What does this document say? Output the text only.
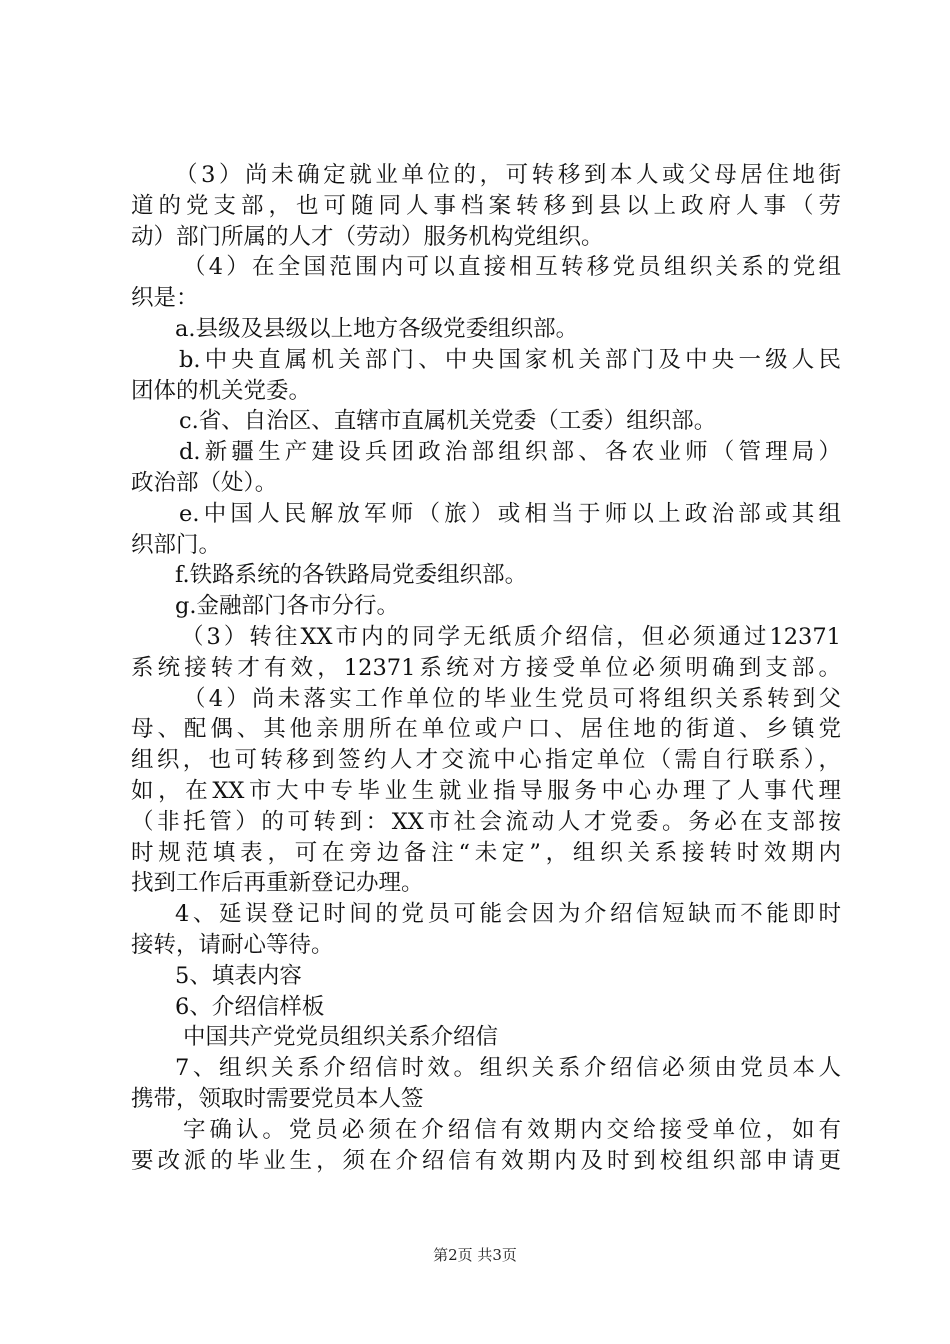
（3）尚未确定就业单位的，可转移到本人或父母居住地街
道的党支部，也可随同人事档案转移到县以上政府人事（劳
动）部门所属的人才（劳动）服务机构党组织。
（4）在全国范围内可以直接相互转移党员组织关系的党组
织是：
a.县级及县级以上地方各级党委组织部。
b.中央直属机关部门、中央国家机关部门及中央一级人民
团体的机关党委。
c.省、自治区、直辖市直属机关党委（工委）组织部。
d.新疆生产建设兵团政治部组织部、各农业师（管理局）
政治部（处）。
e.中国人民解放军师（旅）或相当于师以上政治部或其组
织部门。
f.铁路系统的各铁路局党委组织部。
g.金融部门各市分行。
（3）转往XX市内的同学无纸质介绍信，但必须通过12371
系统接转才有效，12371系统对方接受单位必须明确到支部。
（4）尚未落实工作单位的毕业生党员可将组织关系转到父
母、配偶、其他亲朋所在单位或户口、居住地的街道、乡镇党
组织，也可转移到签约人才交流中心指定单位（需自行联系），
如，在XX市大中专毕业生就业指导服务中心办理了人事代理
（非托管）的可转到：XX市社会流动人才党委。务必在支部按
时规范填表，可在旁边备注“未定”，组织关系接转时效期内
找到工作后再重新登记办理。
4、延误登记时间的党员可能会因为介绍信短缺而不能即时
接转，请耐心等待。
5、填表内容
6、介绍信样板
中国共产党党员组织关系介绍信
7、组织关系介绍信时效。组织关系介绍信必须由党员本人
携带，领取时需要党员本人签
字确认。党员必须在介绍信有效期内交给接受单位，如有
要改派的毕业生，须在介绍信有效期内及时到校组织部申请更
第2页 共3页
